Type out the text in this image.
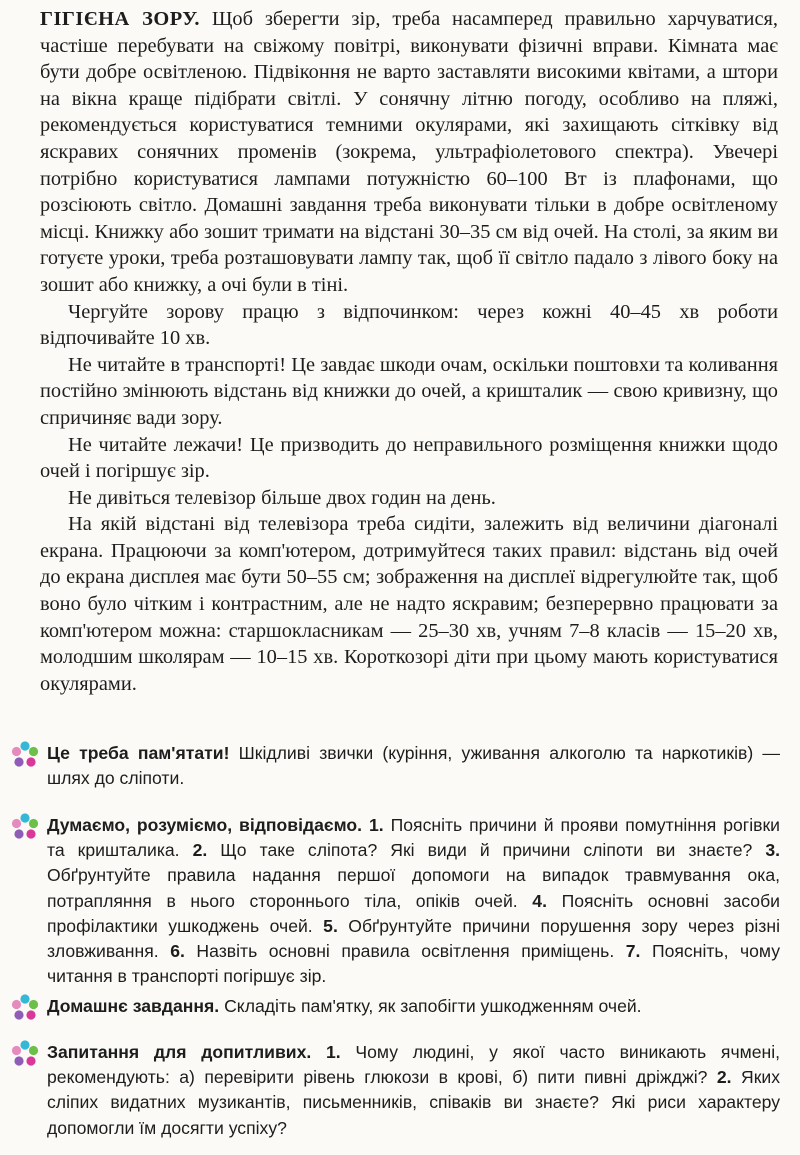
ГІГІЄНА ЗОРУ. Щоб зберегти зір, треба насамперед правильно харчуватися, частіше перебувати на свіжому повітрі, виконувати фізичні вправи. Кімната має бути добре освітленою. Підвіконня не варто заставляти високими квітами, а штори на вікна краще підібрати світлі. У сонячну літню погоду, особливо на пляжі, рекомендується користуватися темними окулярами, які захищають сітківку від яскравих сонячних променів (зокрема, ультрафіолетового спектра). Увечері потрібно користуватися лампами потужністю 60–100 Вт із плафонами, що розсіюють світло. Домашні завдання треба виконувати тільки в добре освітленому місці. Книжку або зошит тримати на відстані 30–35 см від очей. На столі, за яким ви готуєте уроки, треба розташовувати лампу так, щоб її світло падало з лівого боку на зошит або книжку, а очі були в тіні.

Чергуйте зорову працю з відпочинком: через кожні 40–45 хв роботи відпочивайте 10 хв.

Не читайте в транспорті! Це завдає шкоди очам, оскільки поштовхи та коливання постійно змінюють відстань від книжки до очей, а кришталик — свою кривизну, що спричиняє вади зору.

Не читайте лежачи! Це призводить до неправильного розміщення книжки щодо очей і погіршує зір.

Не дивіться телевізор більше двох годин на день.

На якій відстані від телевізора треба сидіти, залежить від величини діагоналі екрана. Працюючи за комп'ютером, дотримуйтеся таких правил: відстань від очей до екрана дисплея має бути 50–55 см; зображення на дисплеї відрегулюйте так, щоб воно було чітким і контрастним, але не надто яскравим; безперервно працювати за комп'ютером можна: старшокласникам — 25–30 хв, учням 7–8 класів — 15–20 хв, молодшим школярам — 10–15 хв. Короткозорі діти при цьому мають користуватися окулярами.

Це треба пам'ятати! Шкідливі звички (куріння, уживання алкоголю та наркотиків) — шлях до сліпоти.
Думаємо, розуміємо, відповідаємо. 1. Поясніть причини й прояви помутніння рогівки та кришталика. 2. Що таке сліпота? Які види й причини сліпоти ви знаєте? 3. Обґрунтуйте правила надання першої допомоги на випадок травмування ока, потрапляння в нього стороннього тіла, опіків очей. 4. Поясніть основні засоби профілактики ушкоджень очей. 5. Обґрунтуйте причини порушення зору через різні зловживання. 6. Назвіть основні правила освітлення приміщень. 7. Поясніть, чому читання в транспорті погіршує зір.
Домашнє завдання. Складіть пам'ятку, як запобігти ушкодженням очей.
Запитання для допитливих. 1. Чому людині, у якої часто виникають ячмені, рекомендують: а) перевірити рівень глюкози в крові, б) пити пивні дріжджі? 2. Яких сліпих видатних музикантів, письменників, співаків ви знаєте? Які риси характеру допомогли їм досягти успіху?
